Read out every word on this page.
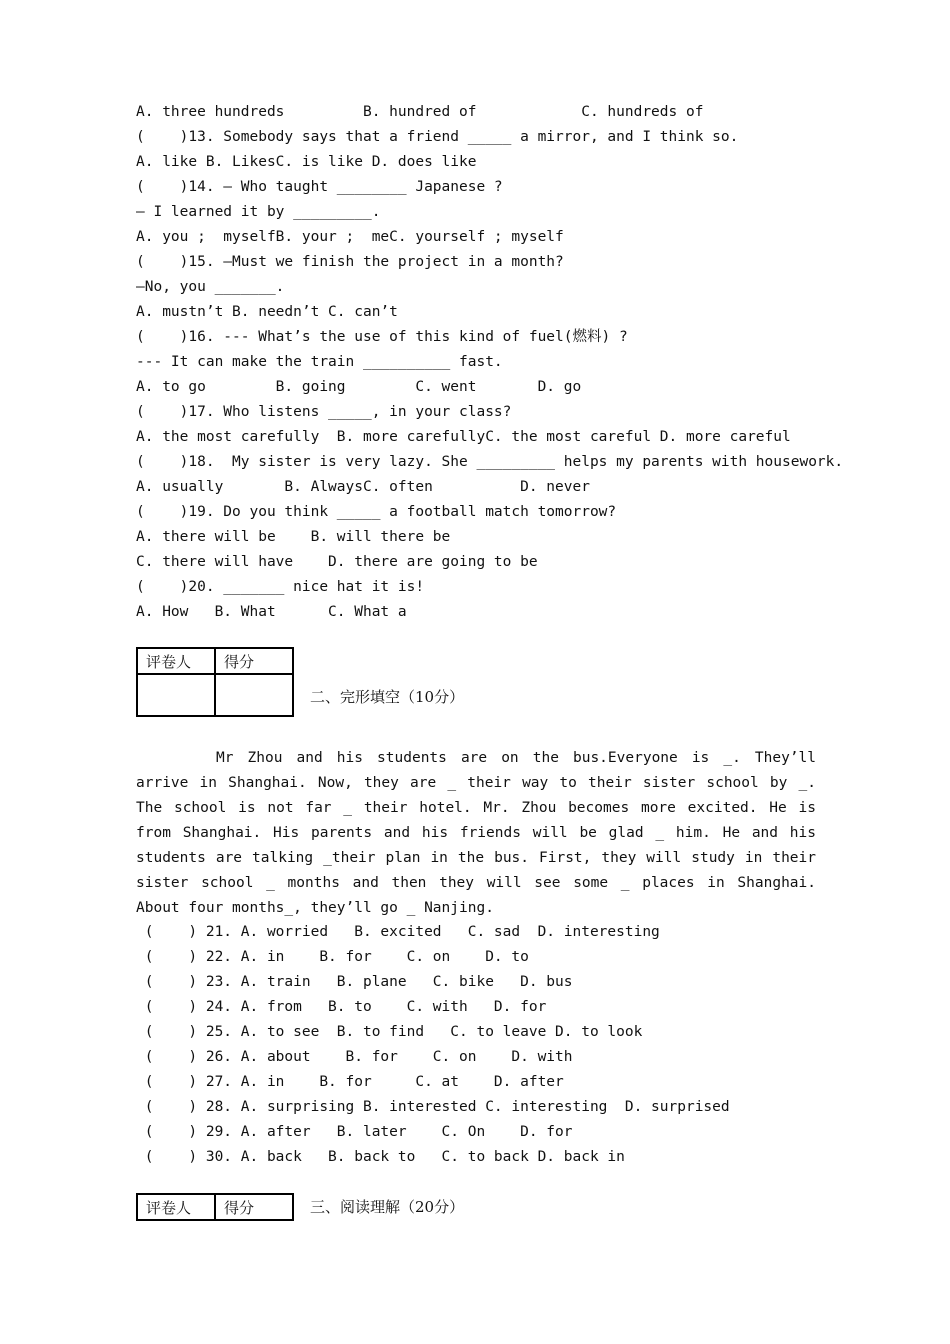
A. three hundreds         B. hundred of            C. hundreds of
(    )13. Somebody says that a friend _____ a mirror, and I think so.
A. like B. LikesC. is like D. does like
(    )14. — Who taught ________ Japanese ?
— I learned it by _________.
A. you ;  myselfB. your ;  meC. yourself ; myself
(    )15. —Must we finish the project in a month?
—No, you _______.
A. mustn’t B. needn’t C. can’t
(    )16. --- What’s the use of this kind of fuel(燃料) ?
--- It can make the train __________ fast.
A. to go        B. going        C. went       D. go
(    )17. Who listens _____, in your class?
A. the most carefully  B. more carefullyC. the most careful D. more careful
(    )18.  My sister is very lazy. She _________ helps my parents with housework.
A. usually       B. AlwaysC. often          D. never
(    )19. Do you think _____ a football match tomorrow?
A. there will be    B. will there be
C. there will have    D. there are going to be
(    )20. _______ nice hat it is!
A. How   B. What      C. What a
评卷人	得分

二、完形填空（10分）
Mr Zhou and his students are on the bus.Everyone is _. They’ll arrive in Shanghai. Now, they are _ their way to their sister school by _. The school is not far _ their hotel. Mr. Zhou becomes more excited. He is from Shanghai. His parents and his friends will be glad _ him. He and his students are talking _their plan in the bus. First, they will study in their sister school _ months and then they will see some _ places in Shanghai. About four months_, they’ll go _ Nanjing.
(    ) 21. A. worried   B. excited   C. sad  D. interesting
(    ) 22. A. in    B. for    C. on    D. to
(    ) 23. A. train   B. plane   C. bike   D. bus
(    ) 24. A. from   B. to    C. with   D. for
(    ) 25. A. to see  B. to find   C. to leave D. to look
(    ) 26. A. about    B. for    C. on    D. with
(    ) 27. A. in    B. for     C. at    D. after
(    ) 28. A. surprising B. interested C. interesting  D. surprised
(    ) 29. A. after   B. later    C. On    D. for
(    ) 30. A. back   B. back to   C. to back D. back in
评卷人	得分	三、阅读理解（20分）
